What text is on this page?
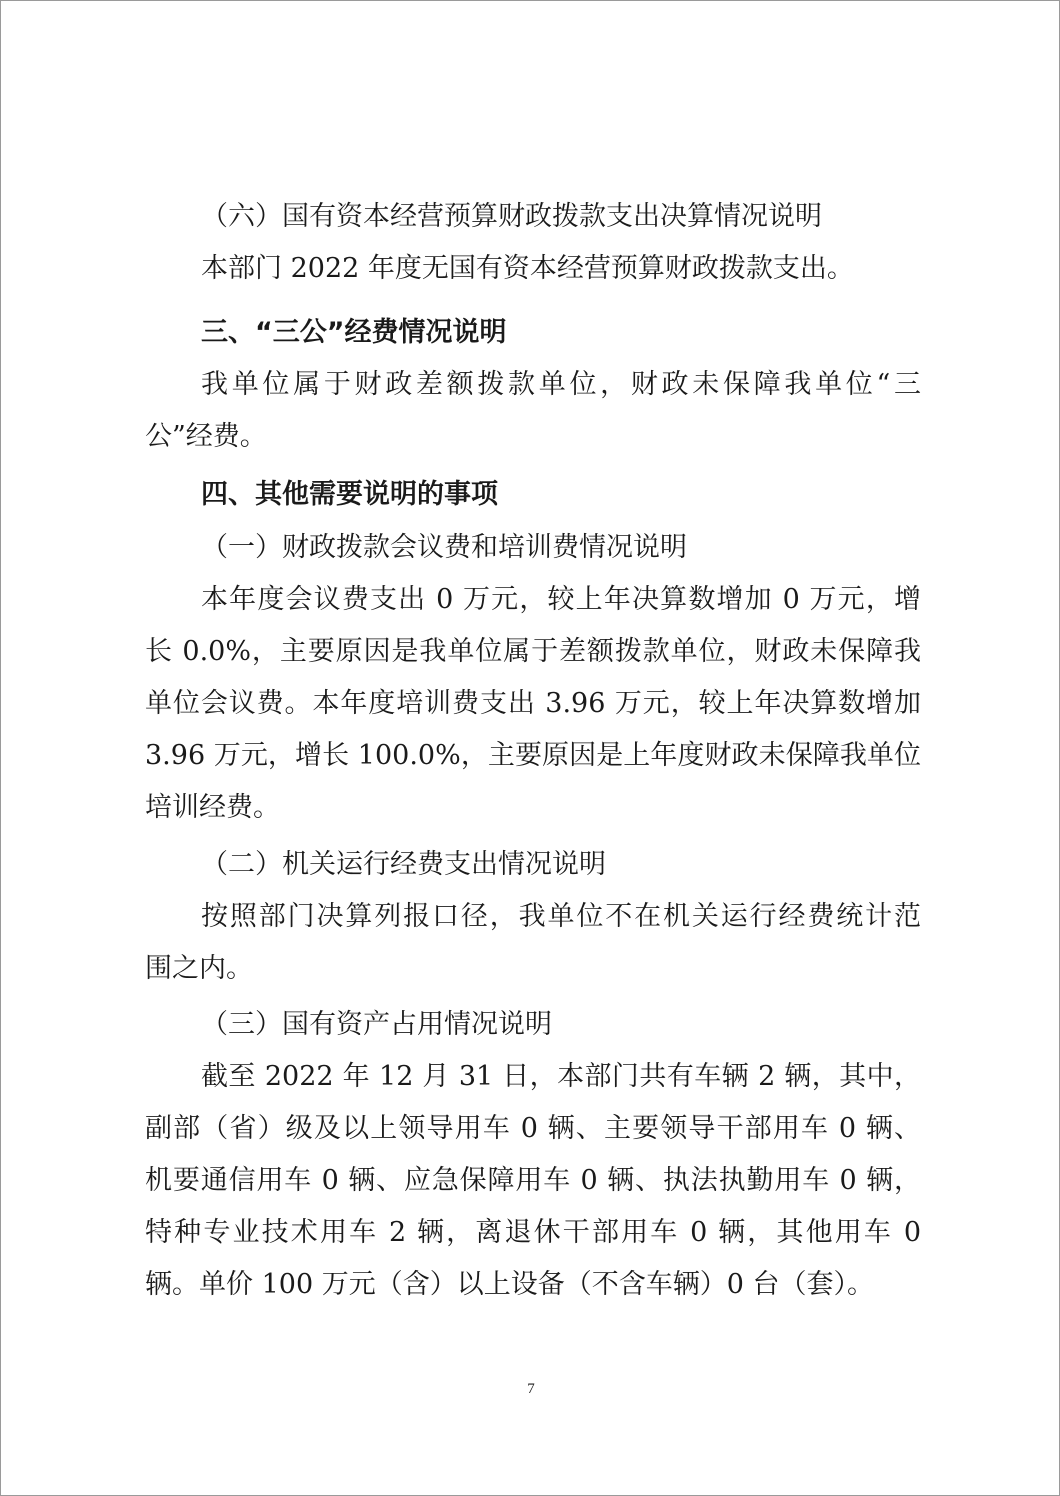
（六）国有资本经营预算财政拨款支出决算情况说明
本部门 2022 年度无国有资本经营预算财政拨款支出。
三、“三公”经费情况说明
我单位属于财政差额拨款单位，财政未保障我单位“三
公”经费。
四、其他需要说明的事项
（一）财政拨款会议费和培训费情况说明
本年度会议费支出 0 万元，较上年决算数增加 0 万元，增
长 0.0%，主要原因是我单位属于差额拨款单位，财政未保障我
单位会议费。本年度培训费支出 3.96 万元，较上年决算数增加
3.96 万元，增长 100.0%，主要原因是上年度财政未保障我单位
培训经费。
（二）机关运行经费支出情况说明
按照部门决算列报口径，我单位不在机关运行经费统计范
围之内。
（三）国有资产占用情况说明
截至 2022 年 12 月 31 日，本部门共有车辆 2 辆，其中，
副部（省）级及以上领导用车 0 辆、主要领导干部用车 0 辆、
机要通信用车 0 辆、应急保障用车 0 辆、执法执勤用车 0 辆，
特种专业技术用车 2 辆，离退休干部用车 0 辆，其他用车 0
辆。单价 100 万元（含）以上设备（不含车辆）0 台（套）。
7
